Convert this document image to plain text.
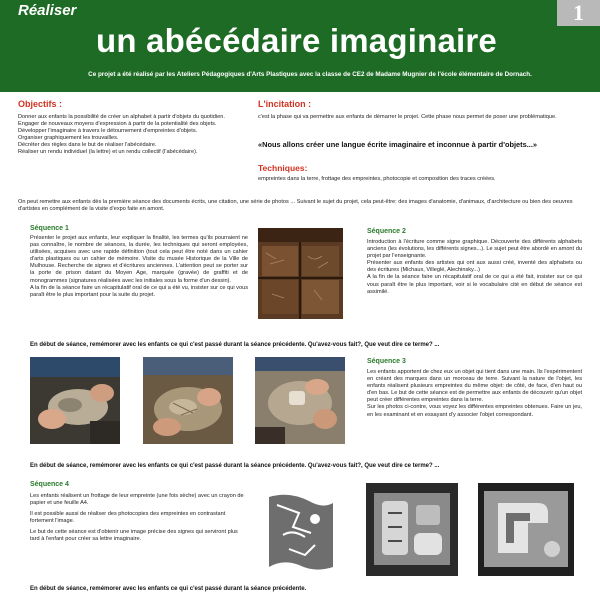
Réaliser
un abécédaire imaginaire
1
Ce projet a été réalisé par les Ateliers Pédagogiques d'Arts Plastiques avec la classe de CE2 de Madame Mugnier de l'école élémentaire de Dornach.
Objectifs :

Donner aux enfants la possibilité de créer un alphabet à partir d'objets du quotidien.

Engager de nouveaux moyens d'expression à partir de la potentialité des objets.

Développer l'imaginaire à travers le détournement d'empreintes d'objets.

Organiser graphiquement les trouvailles.

Décréter des règles dans le but de réaliser l'abécédaire.

Réaliser un rendu individuel (la lettre) et un rendu collectif (l'abécédaire).

L'incitation :
c'est la phase qui va permettre aux enfants de démarrer le projet. Cette phase nous permet de poser une problématique.
«Nous allons créer une langue écrite imaginaire et inconnue à partir d'objets...»
Techniques:
empreintes dans la terre, frottage des empreintes, photocopie et composition des traces créées.
On peut remettre aux enfants dès la première séance des documents écrits, une citation, une série de photos ... Suivant le sujet du projet, cela peut-être: des images d'anatomie, d'animaux, d'architecture ou bien des oeuvres d'artistes en complément de la visite d'expo faite en amont.
Séquence 1

Présenter le projet aux enfants, leur expliquer la finalité, les termes qu'ils pourraient ne pas connaître, le nombre de séances, la durée, les techniques qui seront employées, utilisées, acquises avec une rapide définition (tout cela peut être noté dans un cahier d'arts plastiques ou un cahier de mémoire. Visite du musée Historique de la Ville de Mulhouse. Recherche de signes et d'écritures anciennes. L'attention peut se porter sur la porte de prison datant du Moyen Age, marquée (gravée) de graffiti et de monogrammes (signatures réalisées avec les initiales sous la forme d'un dessin).

A la fin de la séance faire un récapitulatif oral de ce qui a été vu, insister sur ce qui vous paraît être le plus important pour la suite du projet.

Séquence 2

Introduction à l'écriture comme signe graphique. Découverte des différents alphabets anciens (les évolutions, les différents signes...). Le sujet peut être abordé en amont du projet par l'enseignante.

Présenter aux enfants des artistes qui ont aux aussi créé, inventé des alphabets ou des écritures (Michaux, Villeglé, Alechinsky...)

A la fin de la séance faire un récapitulatif oral de ce qui a été fait, insister sur ce qui vous paraît être le plus important, voir si le vocabulaire cité en début de séance est assimilé.

En début de séance, remémorer avec les enfants ce qui c'est passé durant la séance précédente. Qu'avez-vous fait?, Que veut dire ce terme? ...
Séquence 3

Les enfants apportent de chez eux un objet qui tient dans une main. Ils l'expérimentent en créant des marques dans un morceau de terre. Suivant la nature de l'objet, les enfants réalisent plusieurs empreintes du même objet: de côté, de face, d'en haut ou d'en bas. Le but de cette séance est de permettre aux enfants de découvrir qu'un objet peut créer différentes empreintes dans la terre.

Sur les photos ci-contre, vous voyez les différentes empreintes obtenues. Faire un jeu, en les examinant et en essayant d'y associer l'objet correspondant.

En début de séance, remémorer avec les enfants ce qui c'est passé durant la séance précédente. Qu'avez-vous fait?, Que veut dire ce terme? ...
Séquence 4

Les enfants réalisent un frottage de leur empreinte (une fois sèche) avec un crayon de papier et une feuille A4.

Il est possible aussi de réaliser des photocopies des empreintes en contrastant fortement l'image.

Le but de cette séance est d'obtenir une image précise des signes qui serviront plus tard à l'enfant pour créer sa lettre imaginaire.

En début de séance, remémorer avec les enfants ce qui c'est passé durant la séance précédente.
